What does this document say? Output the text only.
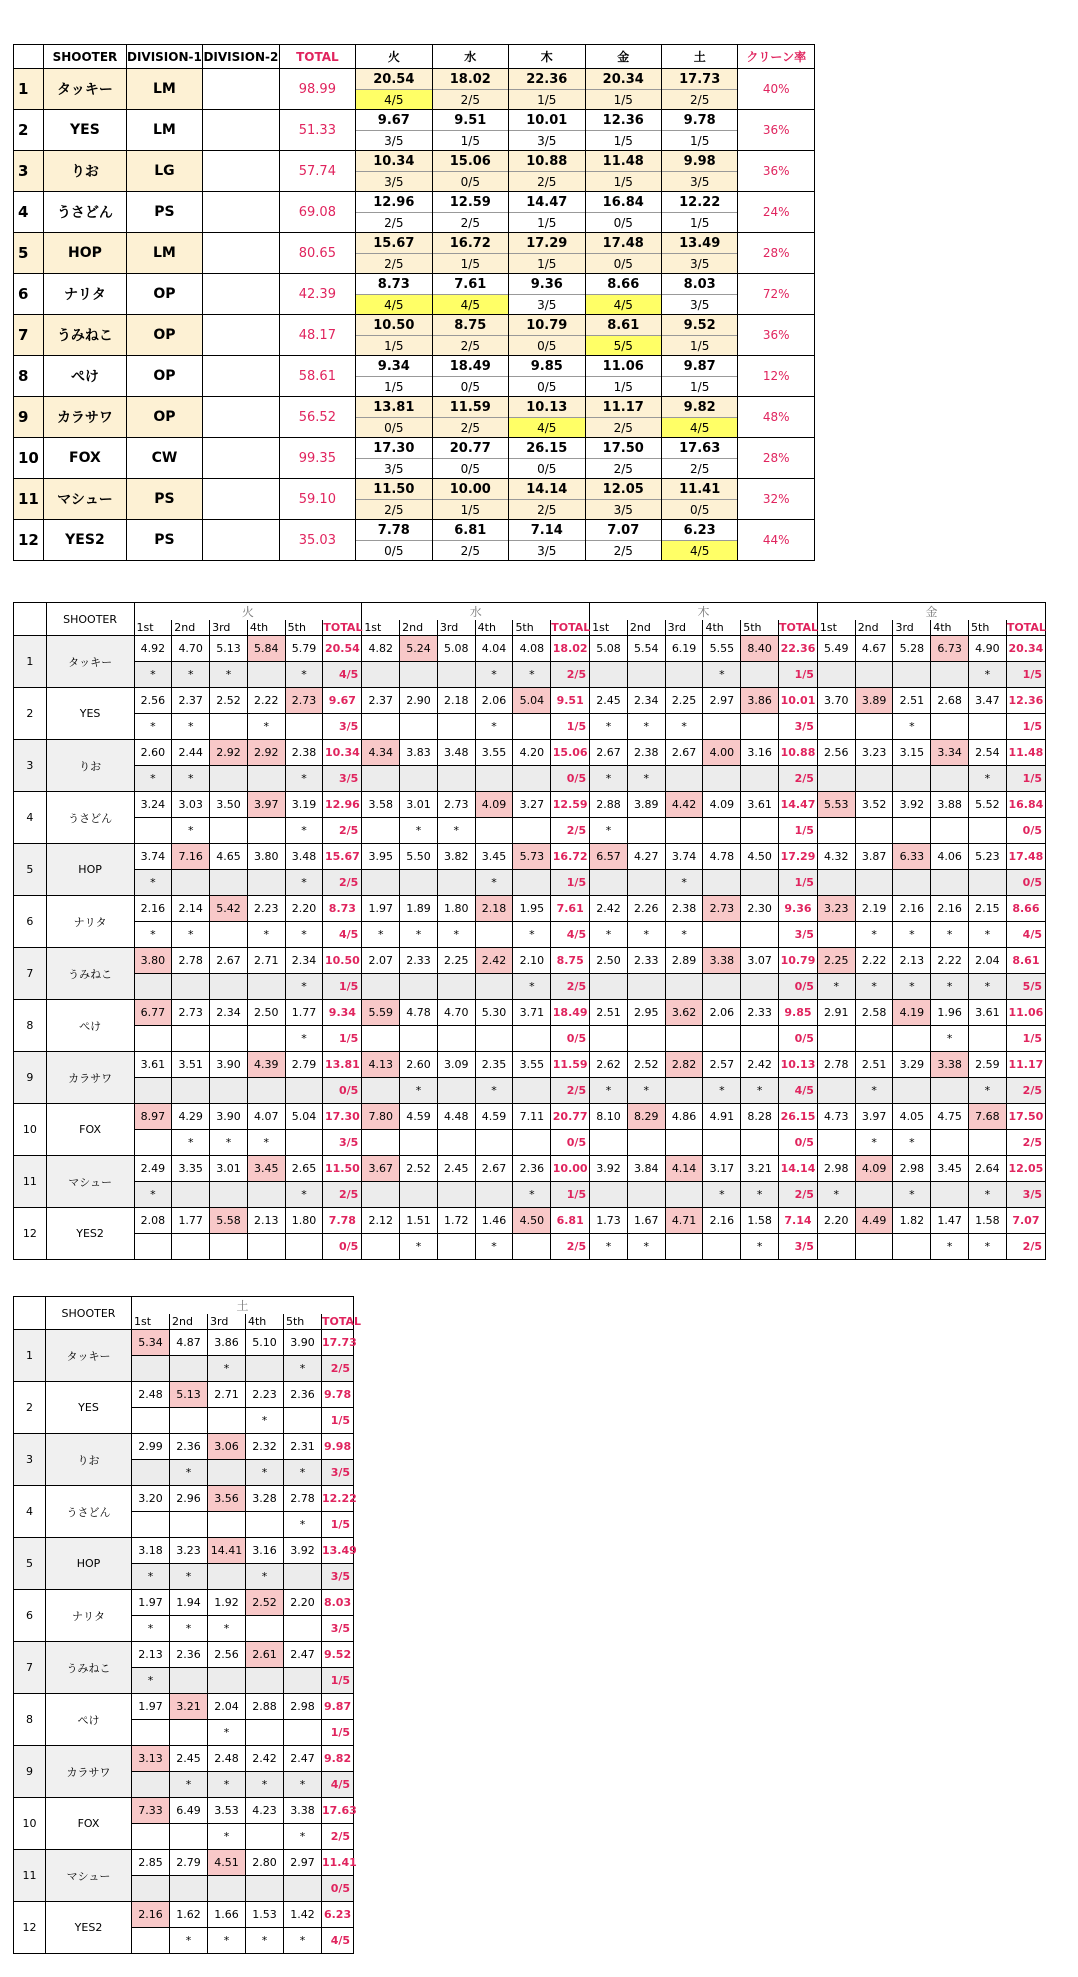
	SHOOTER	DIVISION-1	DIVISION-2	TOTAL	火	水	木	金	土	クリーン率
1	タッキー	LM		98.99	20.54	18.02	22.36	20.34	17.73	40%
					4/5	2/5	1/5	1/5	2/5	
2	YES	LM		51.33	9.67	9.51	10.01	12.36	9.78	36%
					3/5	1/5	3/5	1/5	1/5	
3	りお	LG		57.74	10.34	15.06	10.88	11.48	9.98	36%
					3/5	0/5	2/5	1/5	3/5	
4	うさどん	PS		69.08	12.96	12.59	14.47	16.84	12.22	24%
					2/5	2/5	1/5	0/5	1/5	
5	HOP	LM		80.65	15.67	16.72	17.29	17.48	13.49	28%
					2/5	1/5	1/5	0/5	3/5	
6	ナリタ	OP		42.39	8.73	7.61	9.36	8.66	8.03	72%
					4/5	4/5	3/5	4/5	3/5	
7	うみねこ	OP		48.17	10.50	8.75	10.79	8.61	9.52	36%
					1/5	2/5	0/5	5/5	1/5	
8	ぺけ	OP		58.61	9.34	18.49	9.85	11.06	9.87	12%
					1/5	0/5	0/5	1/5	1/5	
9	カラサワ	OP		56.52	13.81	11.59	10.13	11.17	9.82	48%
					0/5	2/5	4/5	2/5	4/5	
10	FOX	CW		99.35	17.30	20.77	26.15	17.50	17.63	28%
					3/5	0/5	0/5	2/5	2/5	
11	マシュー	PS		59.10	11.50	10.00	14.14	12.05	11.41	32%
					2/5	1/5	2/5	3/5	0/5	
12	YES2	PS		35.03	7.78	6.81	7.14	7.07	6.23	44%
					0/5	2/5	3/5	2/5	4/5	
	SHOOTER	火						水						木						金					
		1st	2nd	3rd	4th	5th	TOTAL	1st	2nd	3rd	4th	5th	TOTAL	1st	2nd	3rd	4th	5th	TOTAL	1st	2nd	3rd	4th	5th	TOTAL
1	タッキー	4.92	4.70	5.13	5.84	5.79	20.54	4.82	5.24	5.08	4.04	4.08	18.02	5.08	5.54	6.19	5.55	8.40	22.36	5.49	4.67	5.28	6.73	4.90	20.34
		*	*	*		*	4/5				*	*	2/5				*		1/5					*	1/5
2	YES	2.56	2.37	2.52	2.22	2.73	9.67	2.37	2.90	2.18	2.06	5.04	9.51	2.45	2.34	2.25	2.97	3.86	10.01	3.70	3.89	2.51	2.68	3.47	12.36
		*	*		*		3/5				*		1/5	*	*	*			3/5			*			1/5
3	りお	2.60	2.44	2.92	2.92	2.38	10.34	4.34	3.83	3.48	3.55	4.20	15.06	2.67	2.38	2.67	4.00	3.16	10.88	2.56	3.23	3.15	3.34	2.54	11.48
		*	*			*	3/5						0/5	*	*				2/5					*	1/5
4	うさどん	3.24	3.03	3.50	3.97	3.19	12.96	3.58	3.01	2.73	4.09	3.27	12.59	2.88	3.89	4.42	4.09	3.61	14.47	5.53	3.52	3.92	3.88	5.52	16.84
			*			*	2/5		*	*			2/5	*					1/5						0/5
5	HOP	3.74	7.16	4.65	3.80	3.48	15.67	3.95	5.50	3.82	3.45	5.73	16.72	6.57	4.27	3.74	4.78	4.50	17.29	4.32	3.87	6.33	4.06	5.23	17.48
		*				*	2/5				*		1/5			*			1/5						0/5
6	ナリタ	2.16	2.14	5.42	2.23	2.20	8.73	1.97	1.89	1.80	2.18	1.95	7.61	2.42	2.26	2.38	2.73	2.30	9.36	3.23	2.19	2.16	2.16	2.15	8.66
		*	*		*	*	4/5	*	*	*		*	4/5	*	*	*			3/5		*	*	*	*	4/5
7	うみねこ	3.80	2.78	2.67	2.71	2.34	10.50	2.07	2.33	2.25	2.42	2.10	8.75	2.50	2.33	2.89	3.38	3.07	10.79	2.25	2.22	2.13	2.22	2.04	8.61
						*	1/5					*	2/5						0/5	*	*	*	*	*	5/5
8	ぺけ	6.77	2.73	2.34	2.50	1.77	9.34	5.59	4.78	4.70	5.30	3.71	18.49	2.51	2.95	3.62	2.06	2.33	9.85	2.91	2.58	4.19	1.96	3.61	11.06
						*	1/5						0/5						0/5				*		1/5
9	カラサワ	3.61	3.51	3.90	4.39	2.79	13.81	4.13	2.60	3.09	2.35	3.55	11.59	2.62	2.52	2.82	2.57	2.42	10.13	2.78	2.51	3.29	3.38	2.59	11.17
							0/5		*		*		2/5	*	*		*	*	4/5		*			*	2/5
10	FOX	8.97	4.29	3.90	4.07	5.04	17.30	7.80	4.59	4.48	4.59	7.11	20.77	8.10	8.29	4.86	4.91	8.28	26.15	4.73	3.97	4.05	4.75	7.68	17.50
			*	*	*		3/5						0/5						0/5		*	*			2/5
11	マシュー	2.49	3.35	3.01	3.45	2.65	11.50	3.67	2.52	2.45	2.67	2.36	10.00	3.92	3.84	4.14	3.17	3.21	14.14	2.98	4.09	2.98	3.45	2.64	12.05
		*				*	2/5					*	1/5				*	*	2/5	*		*		*	3/5
12	YES2	2.08	1.77	5.58	2.13	1.80	7.78	2.12	1.51	1.72	1.46	4.50	6.81	1.73	1.67	4.71	2.16	1.58	7.14	2.20	4.49	1.82	1.47	1.58	7.07
							0/5		*		*		2/5	*	*			*	3/5				*	*	2/5
	SHOOTER	土					
		1st	2nd	3rd	4th	5th	TOTAL
1	タッキー	5.34	4.87	3.86	5.10	3.90	17.73
				*		*	2/5
2	YES	2.48	5.13	2.71	2.23	2.36	9.78
					*		1/5
3	りお	2.99	2.36	3.06	2.32	2.31	9.98
			*		*	*	3/5
4	うさどん	3.20	2.96	3.56	3.28	2.78	12.22
						*	1/5
5	HOP	3.18	3.23	14.41	3.16	3.92	13.49
		*	*		*		3/5
6	ナリタ	1.97	1.94	1.92	2.52	2.20	8.03
		*	*	*			3/5
7	うみねこ	2.13	2.36	2.56	2.61	2.47	9.52
		*					1/5
8	ぺけ	1.97	3.21	2.04	2.88	2.98	9.87
				*			1/5
9	カラサワ	3.13	2.45	2.48	2.42	2.47	9.82
			*	*	*	*	4/5
10	FOX	7.33	6.49	3.53	4.23	3.38	17.63
				*		*	2/5
11	マシュー	2.85	2.79	4.51	2.80	2.97	11.41
							0/5
12	YES2	2.16	1.62	1.66	1.53	1.42	6.23
			*	*	*	*	4/5
